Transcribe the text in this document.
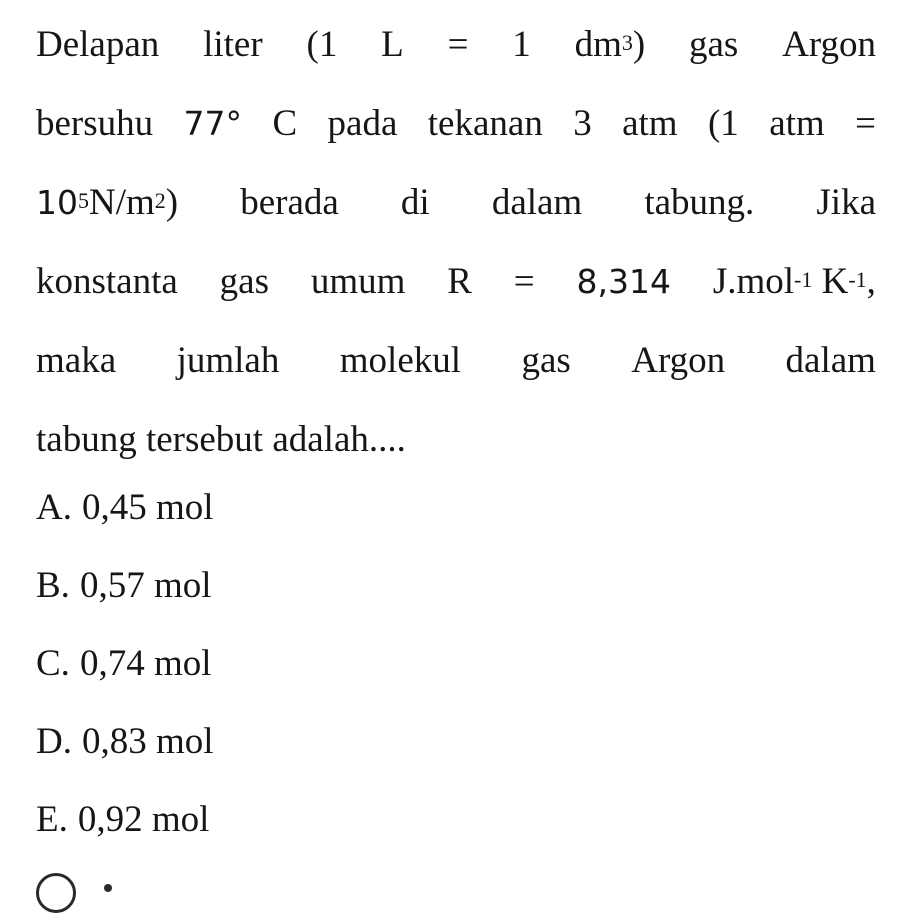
Delapan liter (1 L = 1 $dm^3$) gas Argon
bersuhu 77° C pada tekanan 3 atm (1 atm =
$10^5N/m^2$) berada di dalam tabung. Jika
konstanta gas umum R = 8,314 J.mol$^{-1}$ $K^{-1}$,
maka jumlah molekul gas Argon dalam
tabung tersebut adalah....
A. 0,45 mol
B. 0,57 mol
C. 0,74 mol
D. 0,83 mol
E. 0,92 mol
